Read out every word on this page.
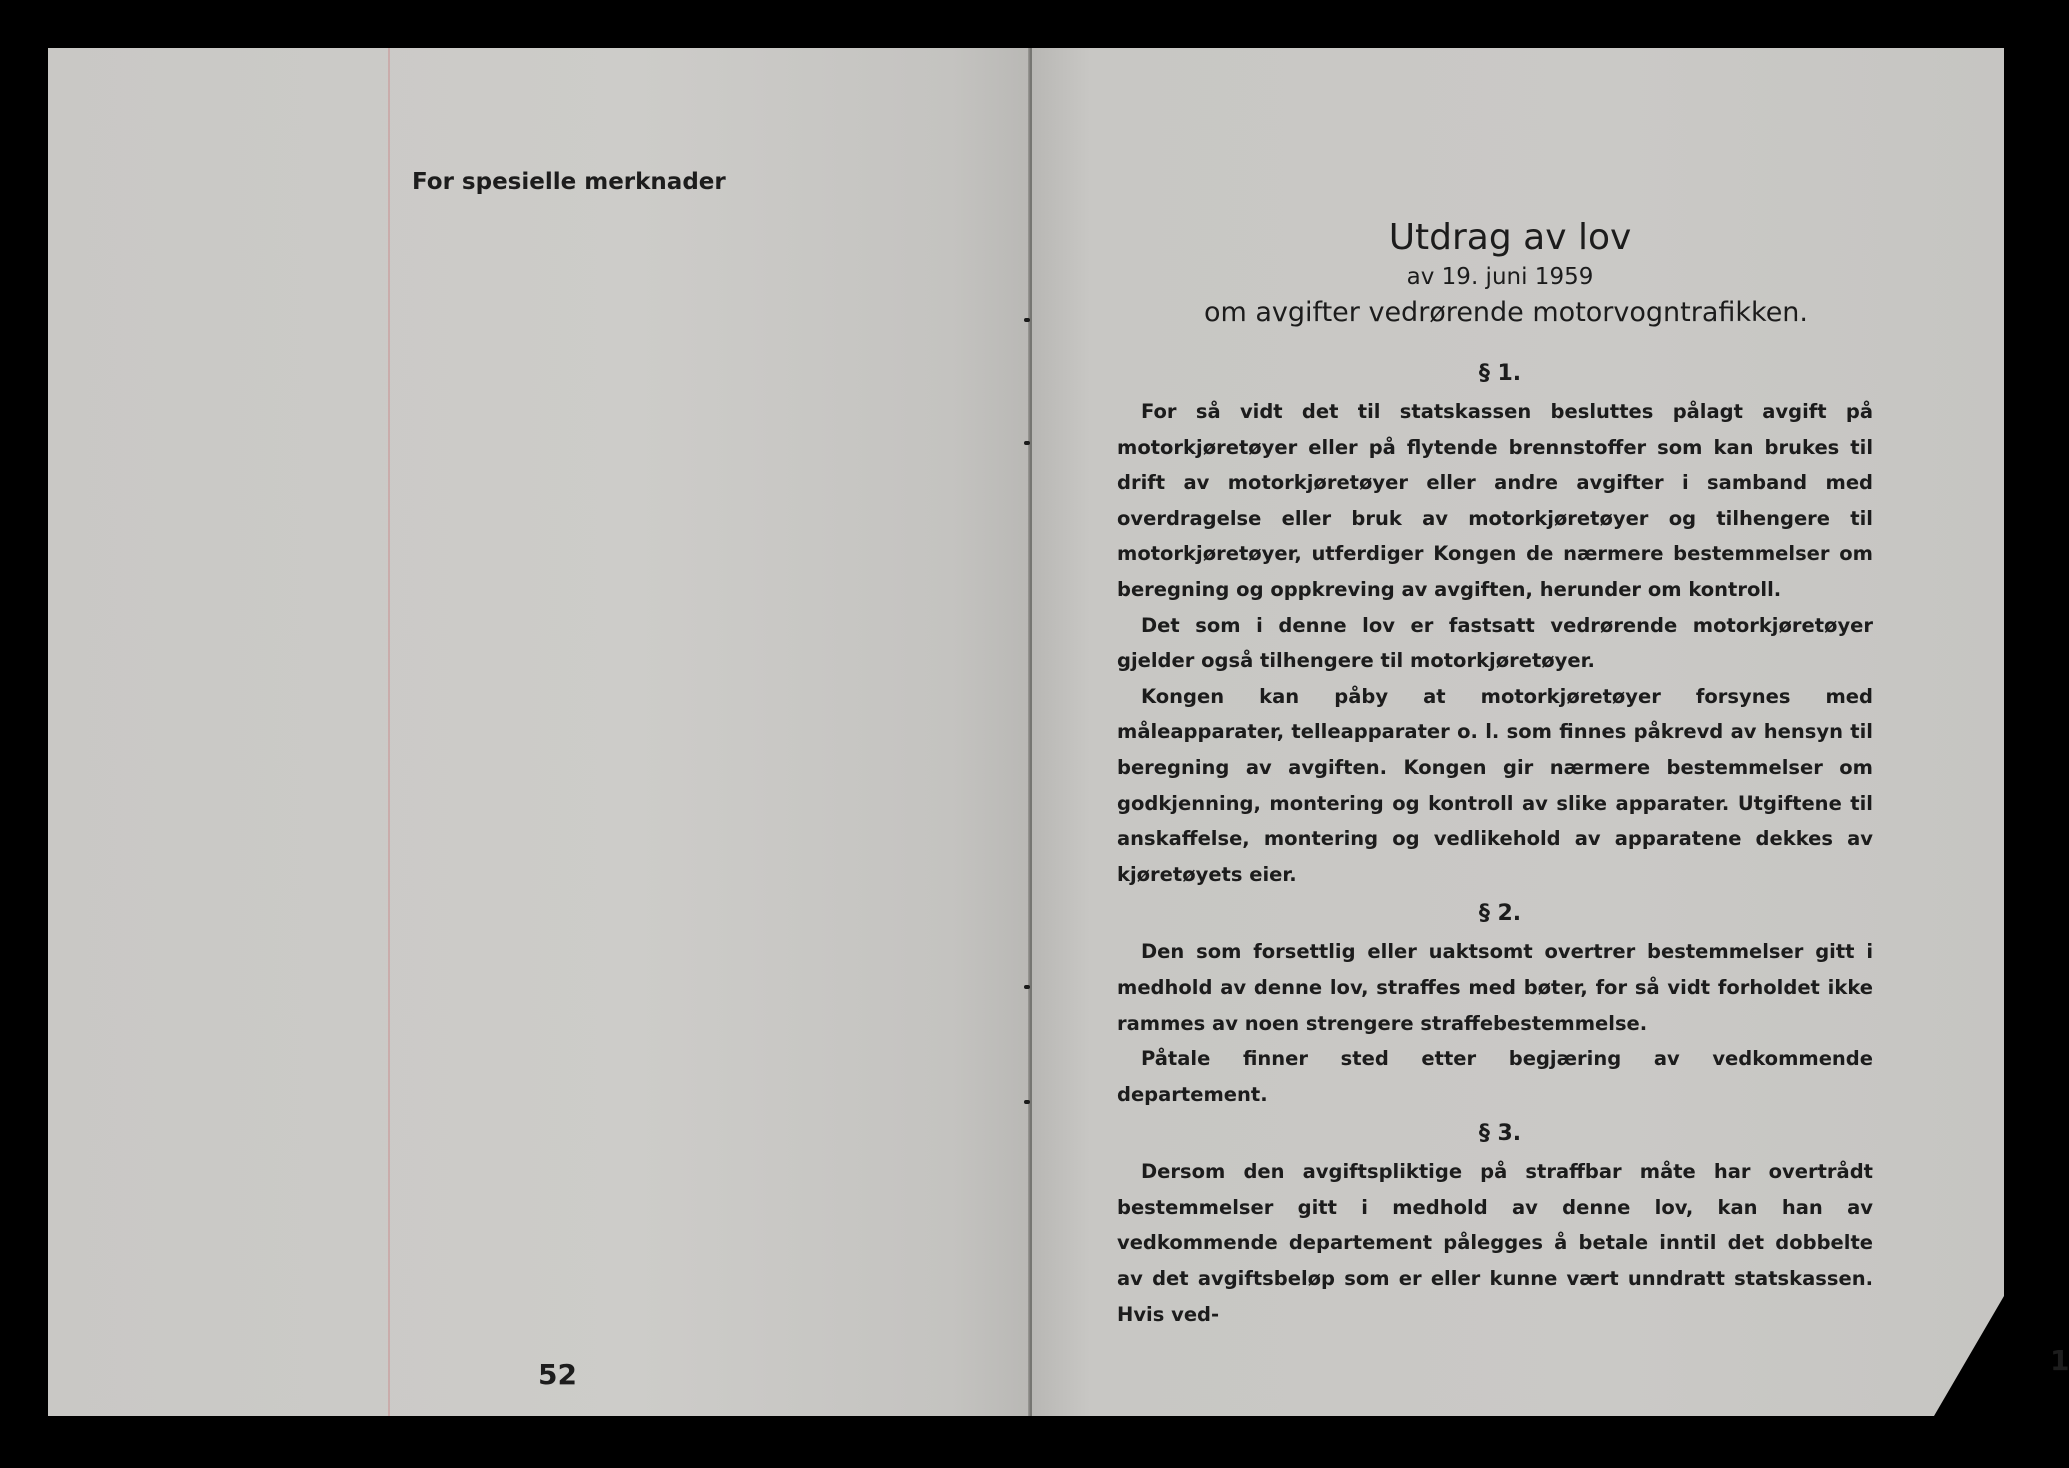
For spesielle merknader
52
Utdrag av lov
av 19. juni 1959
om avgifter vedrørende motorvogntrafikken.
§ 1.

For så vidt det til statskassen besluttes pålagt avgift på motorkjøretøyer eller på flytende brennstoffer som kan brukes til drift av motorkjøretøyer eller andre avgifter i samband med overdragelse eller bruk av motorkjøretøyer og tilhengere til motorkjøretøyer, utferdiger Kongen de nærmere bestemmelser om beregning og oppkreving av avgiften, herunder om kontroll.

Det som i denne lov er fastsatt vedrørende motorkjøretøyer gjelder også tilhengere til motorkjøretøyer.

Kongen kan påby at motorkjøretøyer forsynes med måleapparater, telleapparater o. l. som finnes påkrevd av hensyn til beregning av avgiften. Kongen gir nærmere bestemmelser om godkjenning, montering og kontroll av slike apparater. Utgiftene til anskaffelse, montering og vedlikehold av apparatene dekkes av kjøretøyets eier.

§ 2.

Den som forsettlig eller uaktsomt overtrer bestemmelser gitt i medhold av denne lov, straffes med bøter, for så vidt forholdet ikke rammes av noen strengere straffebestemmelse.

Påtale finner sted etter begjæring av vedkommende departement.

§ 3.

Dersom den avgiftspliktige på straffbar måte har overtrådt bestemmelser gitt i medhold av denne lov, kan han av vedkommende departement pålegges å betale inntil det dobbelte av det avgiftsbeløp som er eller kunne vært unndratt statskassen. Hvis ved-

1
